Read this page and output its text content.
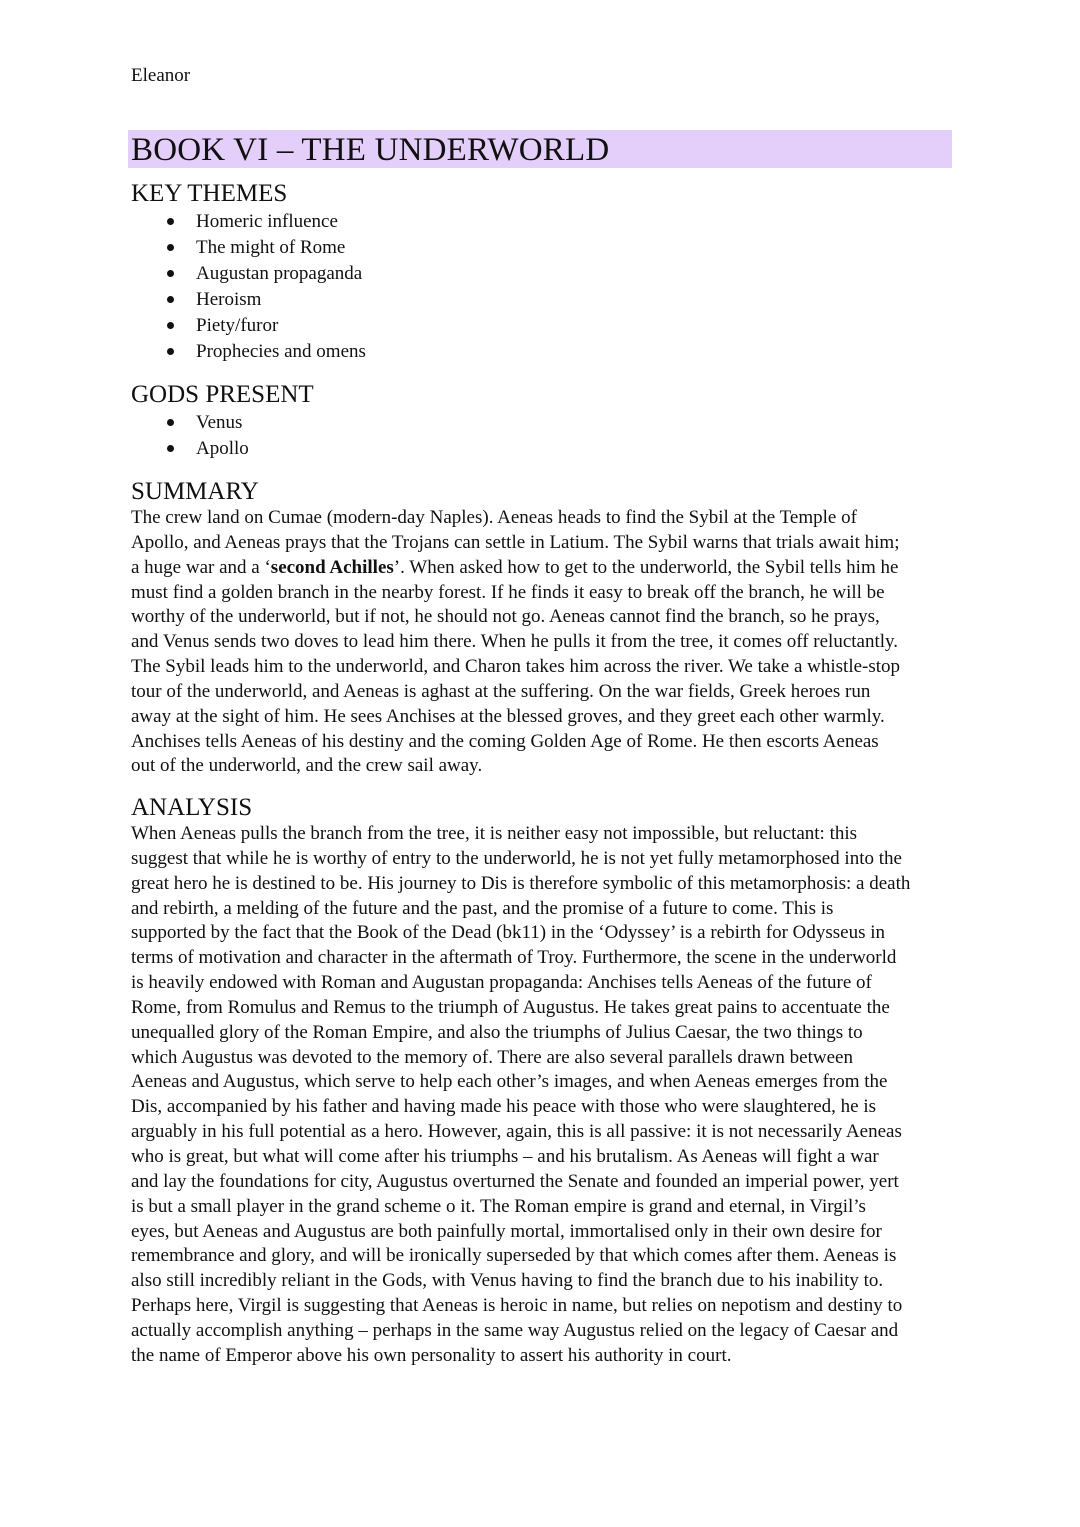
Eleanor
BOOK VI – THE UNDERWORLD
KEY THEMES
Homeric influence
The might of Rome
Augustan propaganda
Heroism
Piety/furor
Prophecies and omens
GODS PRESENT
Venus
Apollo
SUMMARY

The crew land on Cumae (modern-day Naples). Aeneas heads to find the Sybil at the Temple of
Apollo, and Aeneas prays that the Trojans can settle in Latium. The Sybil warns that trials await him;
a huge war and a ‘second Achilles’. When asked how to get to the underworld, the Sybil tells him he
must find a golden branch in the nearby forest. If he finds it easy to break off the branch, he will be
worthy of the underworld, but if not, he should not go. Aeneas cannot find the branch, so he prays,
and Venus sends two doves to lead him there. When he pulls it from the tree, it comes off reluctantly.
The Sybil leads him to the underworld, and Charon takes him across the river. We take a whistle-stop
tour of the underworld, and Aeneas is aghast at the suffering. On the war fields, Greek heroes run
away at the sight of him. He sees Anchises at the blessed groves, and they greet each other warmly.
Anchises tells Aeneas of his destiny and the coming Golden Age of Rome. He then escorts Aeneas
out of the underworld, and the crew sail away.

ANALYSIS

When Aeneas pulls the branch from the tree, it is neither easy not impossible, but reluctant: this
suggest that while he is worthy of entry to the underworld, he is not yet fully metamorphosed into the
great hero he is destined to be. His journey to Dis is therefore symbolic of this metamorphosis: a death
and rebirth, a melding of the future and the past, and the promise of a future to come. This is
supported by the fact that the Book of the Dead (bk11) in the ‘Odyssey’ is a rebirth for Odysseus in
terms of motivation and character in the aftermath of Troy. Furthermore, the scene in the underworld
is heavily endowed with Roman and Augustan propaganda: Anchises tells Aeneas of the future of
Rome, from Romulus and Remus to the triumph of Augustus. He takes great pains to accentuate the
unequalled glory of the Roman Empire, and also the triumphs of Julius Caesar, the two things to
which Augustus was devoted to the memory of. There are also several parallels drawn between
Aeneas and Augustus, which serve to help each other’s images, and when Aeneas emerges from the
Dis, accompanied by his father and having made his peace with those who were slaughtered, he is
arguably in his full potential as a hero. However, again, this is all passive: it is not necessarily Aeneas
who is great, but what will come after his triumphs – and his brutalism. As Aeneas will fight a war
and lay the foundations for city, Augustus overturned the Senate and founded an imperial power, yert
is but a small player in the grand scheme o it. The Roman empire is grand and eternal, in Virgil’s
eyes, but Aeneas and Augustus are both painfully mortal, immortalised only in their own desire for
remembrance and glory, and will be ironically superseded by that which comes after them. Aeneas is
also still incredibly reliant in the Gods, with Venus having to find the branch due to his inability to.
Perhaps here, Virgil is suggesting that Aeneas is heroic in name, but relies on nepotism and destiny to
actually accomplish anything – perhaps in the same way Augustus relied on the legacy of Caesar and
the name of Emperor above his own personality to assert his authority in court.
